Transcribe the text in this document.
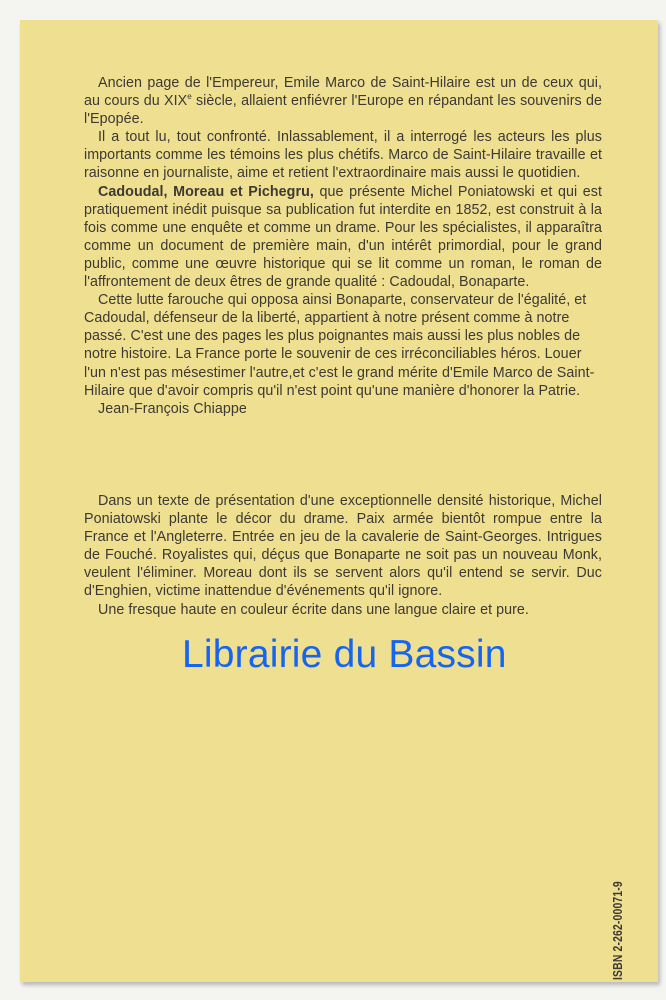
Ancien page de l'Empereur, Emile Marco de Saint-Hilaire est un de ceux qui, au cours du XIXe siècle, allaient enfiévrer l'Europe en répandant les souvenirs de l'Epopée.

Il a tout lu, tout confronté. Inlassablement, il a interrogé les acteurs les plus importants comme les témoins les plus chétifs. Marco de Saint-Hilaire travaille et raisonne en journaliste, aime et retient l'extraordinaire mais aussi le quotidien.

Cadoudal, Moreau et Pichegru, que présente Michel Poniatowski et qui est pratiquement inédit puisque sa publication fut interdite en 1852, est construit à la fois comme une enquête et comme un drame. Pour les spécialistes, il apparaîtra comme un document de première main, d'un intérêt primordial, pour le grand public, comme une œuvre historique qui se lit comme un roman, le roman de l'affrontement de deux êtres de grande qualité : Cadoudal, Bonaparte.

Cette lutte farouche qui opposa ainsi Bonaparte, conservateur de l'égalité, et Cadoudal, défenseur de la liberté, appartient à notre présent comme à notre passé. C'est une des pages les plus poignantes mais aussi les plus nobles de notre histoire. La France porte le souvenir de ces irréconciliables héros. Louer l'un n'est pas mésestimer l'autre,et c'est le grand mérite d'Emile Marco de Saint-Hilaire que d'avoir compris qu'il n'est point qu'une manière d'honorer la Patrie.

Jean-François Chiappe

Dans un texte de présentation d'une exceptionnelle densité historique, Michel Poniatowski plante le décor du drame. Paix armée bientôt rompue entre la France et l'Angleterre. Entrée en jeu de la cavalerie de Saint-Georges. Intrigues de Fouché. Royalistes qui, déçus que Bonaparte ne soit pas un nouveau Monk, veulent l'éliminer. Moreau dont ils se servent alors qu'il entend se servir. Duc d'Enghien, victime inattendue d'événements qu'il ignore.

Une fresque haute en couleur écrite dans une langue claire et pure.

Librairie du Bassin
ISBN 2-262-00071-9
